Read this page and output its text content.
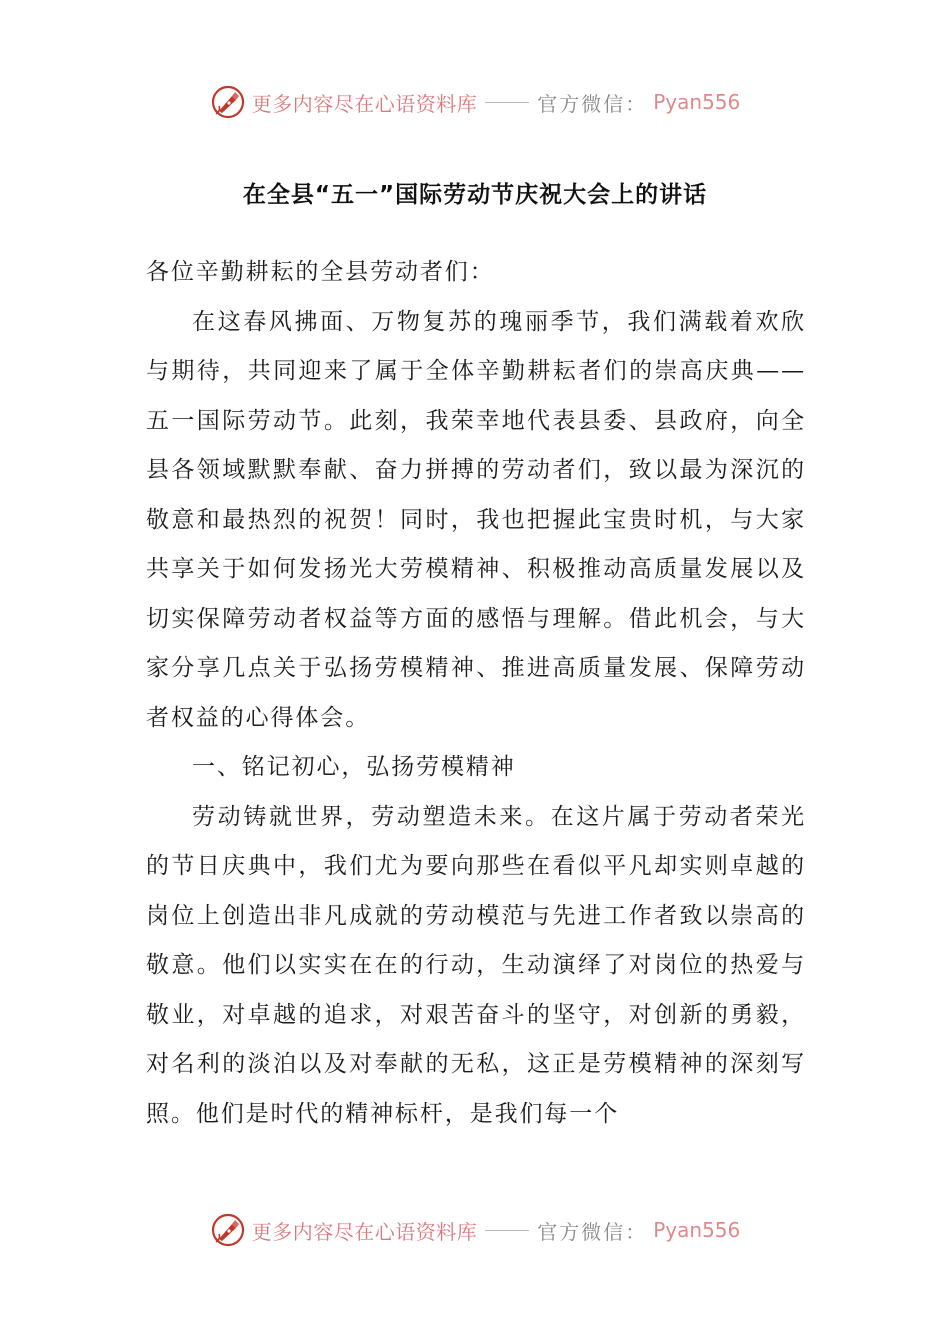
更多内容尽在心语资料库	官方微信： Pyan556
在全县“五一”国际劳动节庆祝大会上的讲话

各位辛勤耕耘的全县劳动者们：

在这春风拂面、万物复苏的瑰丽季节，我们满载着欢欣与期待，共同迎来了属于全体辛勤耕耘者们的崇高庆典——五一国际劳动节。此刻，我荣幸地代表县委、县政府，向全县各领域默默奉献、奋力拼搏的劳动者们，致以最为深沉的敬意和最热烈的祝贺！同时，我也把握此宝贵时机，与大家共享关于如何发扬光大劳模精神、积极推动高质量发展以及切实保障劳动者权益等方面的感悟与理解。借此机会，与大家分享几点关于弘扬劳模精神、推进高质量发展、保障劳动者权益的心得体会。

一、铭记初心，弘扬劳模精神

劳动铸就世界，劳动塑造未来。在这片属于劳动者荣光的节日庆典中，我们尤为要向那些在看似平凡却实则卓越的岗位上创造出非凡成就的劳动模范与先进工作者致以崇高的敬意。他们以实实在在的行动，生动演绎了对岗位的热爱与敬业，对卓越的追求，对艰苦奋斗的坚守，对创新的勇毅，对名利的淡泊以及对奉献的无私，这正是劳模精神的深刻写照。他们是时代的精神标杆，是我们每一个

更多内容尽在心语资料库	官方微信： Pyan556
